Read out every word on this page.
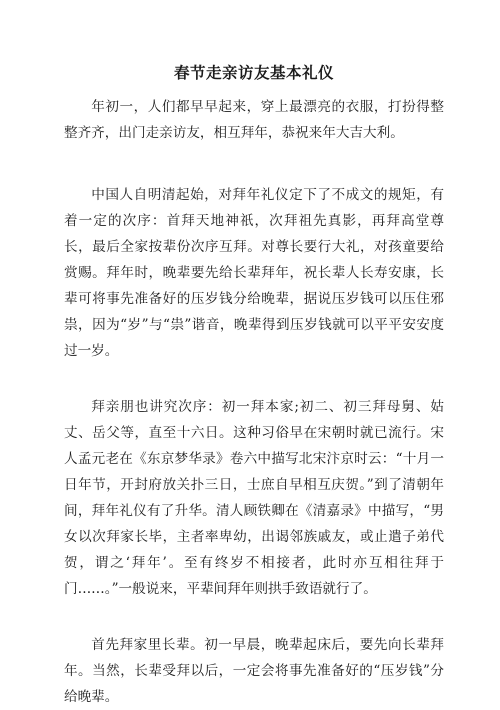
春节走亲访友基本礼仪

年初一，人们都早早起来，穿上最漂亮的衣服，打扮得整整齐齐，出门走亲访友，相互拜年，恭祝来年大吉大利。

中国人自明清起始，对拜年礼仪定下了不成文的规矩，有着一定的次序：首拜天地神祇，次拜祖先真影，再拜高堂尊长，最后全家按辈份次序互拜。对尊长要行大礼，对孩童要给赏赐。拜年时，晚辈要先给长辈拜年，祝长辈人长寿安康，长辈可将事先准备好的压岁钱分给晚辈，据说压岁钱可以压住邪祟，因为“岁”与“祟”谐音，晚辈得到压岁钱就可以平平安安度过一岁。

拜亲朋也讲究次序：初一拜本家;初二、初三拜母舅、姑丈、岳父等，直至十六日。这种习俗早在宋朝时就已流行。宋人孟元老在《东京梦华录》卷六中描写北宋汴京时云：“十月一日年节，开封府放关扑三日，士庶自早相互庆贺。”到了清朝年间，拜年礼仪有了升华。清人顾铁卿在《清嘉录》中描写，“男女以次拜家长毕，主者率卑幼，出谒邻族戚友，或止遣子弟代贺，谓之‘拜年’。至有终岁不相接者，此时亦互相往拜于门……。”一般说来，平辈间拜年则拱手致语就行了。

首先拜家里长辈。初一早晨，晚辈起床后，要先向长辈拜年。当然，长辈受拜以后，一定会将事先准备好的“压岁钱”分给晚辈。
